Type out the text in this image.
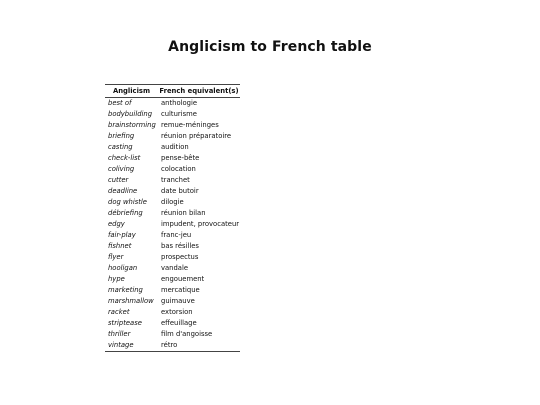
Anglicism to French table
Anglicism	French equivalent(s)
best of	anthologie
bodybuilding	culturisme
brainstorming	remue-méninges
briefing	réunion préparatoire
casting	audition
check-list	pense-bête
coliving	colocation
cutter	tranchet
deadline	date butoir
dog whistle	dilogie
débriefing	réunion bilan
edgy	impudent, provocateur
fair-play	franc-jeu
fishnet	bas résilles
flyer	prospectus
hooligan	vandale
hype	engouement
marketing	mercatique
marshmallow	guimauve
racket	extorsion
striptease	effeuillage
thriller	film d'angoisse
vintage	rétro
